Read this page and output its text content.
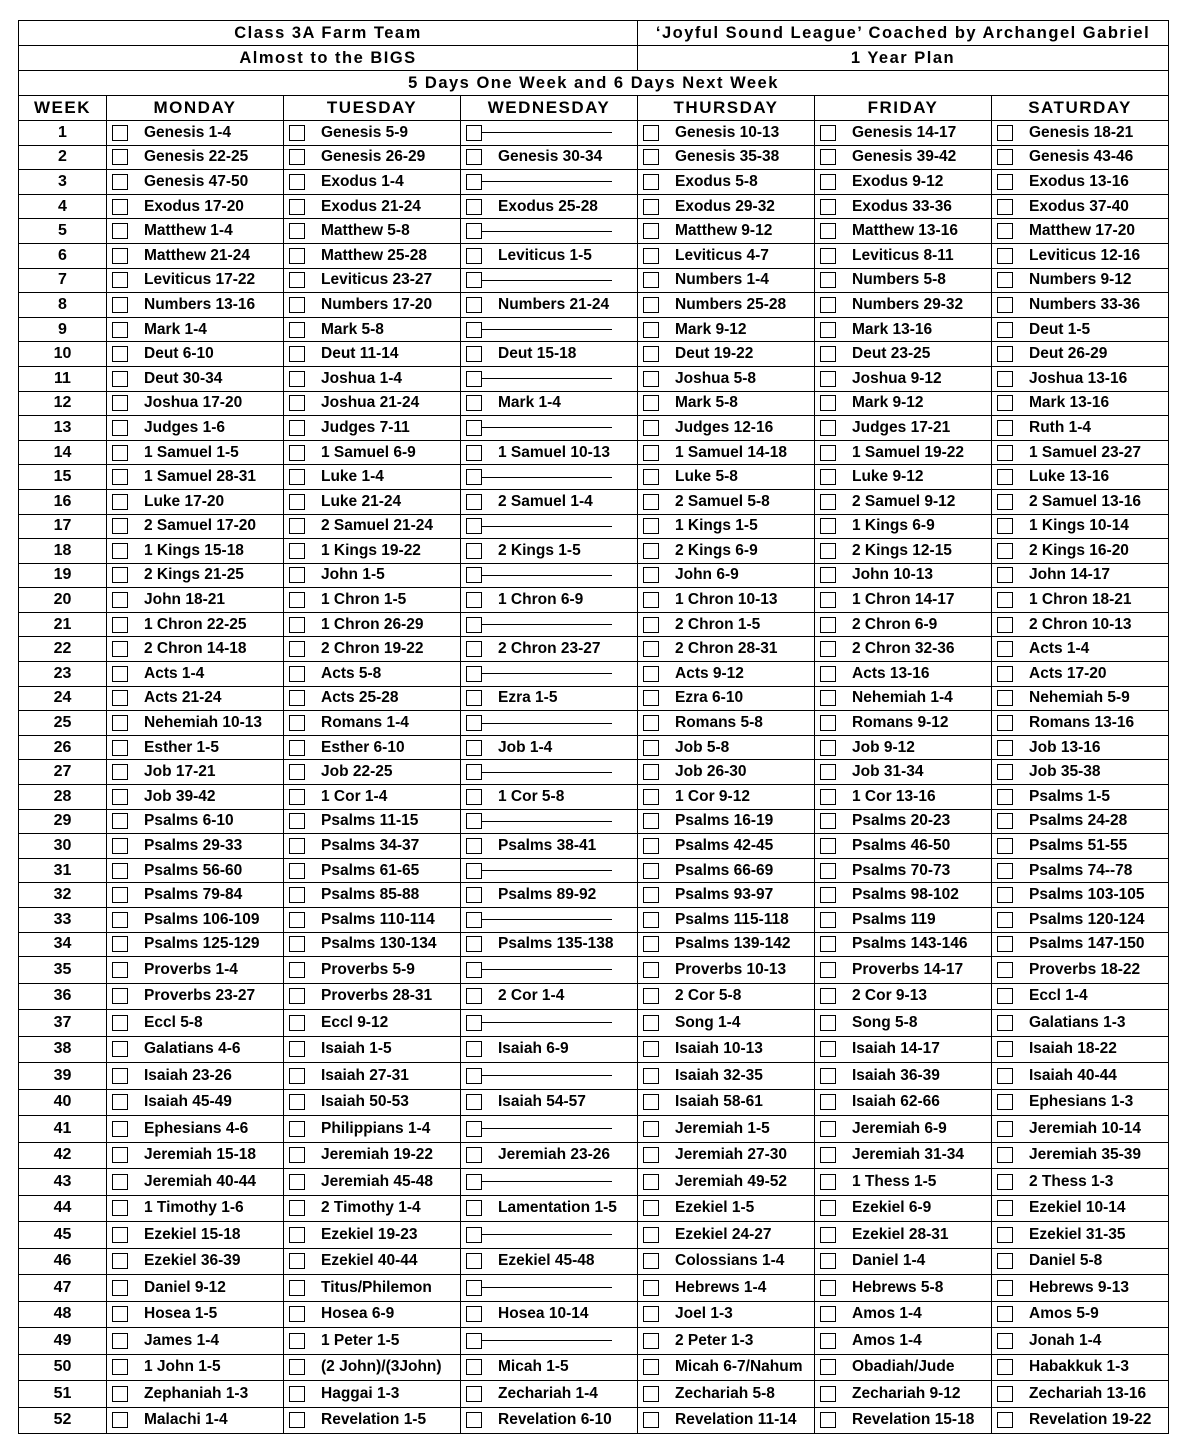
Class 3A Farm Team				‘Joyful Sound League’ Coached by Archangel Gabriel		
Almost to the BIGS				1 Year Plan		
5 Days One Week and 6 Days Next Week						
WEEK	MONDAY	TUESDAY	WEDNESDAY	THURSDAY	FRIDAY	SATURDAY
1	Genesis 1-4	Genesis 5-9		Genesis 10-13	Genesis 14-17	Genesis 18-21

2	Genesis 22-25	Genesis 26-29	Genesis 30-34	Genesis 35-38	Genesis 39-42	Genesis 43-46

3	Genesis 47-50	Exodus 1-4		Exodus 5-8	Exodus 9-12	Exodus 13-16

4	Exodus 17-20	Exodus 21-24	Exodus 25-28	Exodus 29-32	Exodus 33-36	Exodus 37-40

5	Matthew 1-4	Matthew 5-8		Matthew 9-12	Matthew 13-16	Matthew 17-20

6	Matthew 21-24	Matthew 25-28	Leviticus 1-5	Leviticus 4-7	Leviticus 8-11	Leviticus 12-16

7	Leviticus 17-22	Leviticus 23-27		Numbers 1-4	Numbers 5-8	Numbers 9-12

8	Numbers 13-16	Numbers 17-20	Numbers 21-24	Numbers 25-28	Numbers 29-32	Numbers 33-36

9	Mark 1-4	Mark 5-8		Mark 9-12	Mark 13-16	Deut 1-5

10	Deut 6-10	Deut 11-14	Deut 15-18	Deut 19-22	Deut 23-25	Deut 26-29

11	Deut 30-34	Joshua 1-4		Joshua 5-8	Joshua 9-12	Joshua 13-16

12	Joshua 17-20	Joshua 21-24	Mark 1-4	Mark 5-8	Mark 9-12	Mark 13-16

13	Judges 1-6	Judges 7-11		Judges 12-16	Judges 17-21	Ruth 1-4

14	1 Samuel 1-5	1 Samuel 6-9	1 Samuel 10-13	1 Samuel 14-18	1 Samuel 19-22	1 Samuel 23-27

15	1 Samuel 28-31	Luke 1-4		Luke 5-8	Luke 9-12	Luke 13-16

16	Luke 17-20	Luke 21-24	2 Samuel 1-4	2 Samuel 5-8	2 Samuel 9-12	2 Samuel 13-16

17	2 Samuel 17-20	2 Samuel 21-24		1 Kings 1-5	1 Kings 6-9	1 Kings 10-14

18	1 Kings 15-18	1 Kings 19-22	2 Kings 1-5	2 Kings 6-9	2 Kings 12-15	2 Kings 16-20

19	2 Kings 21-25	John 1-5		John 6-9	John 10-13	John 14-17

20	John 18-21	1 Chron 1-5	1 Chron 6-9	1 Chron 10-13	1 Chron 14-17	1 Chron 18-21

21	1 Chron 22-25	1 Chron 26-29		2 Chron 1-5	2 Chron 6-9	2 Chron 10-13

22	2 Chron 14-18	2 Chron 19-22	2 Chron 23-27	2 Chron 28-31	2 Chron 32-36	Acts 1-4

23	Acts 1-4	Acts 5-8		Acts 9-12	Acts 13-16	Acts 17-20

24	Acts 21-24	Acts 25-28	Ezra 1-5	Ezra 6-10	Nehemiah 1-4	Nehemiah 5-9

25	Nehemiah 10-13	Romans 1-4		Romans 5-8	Romans 9-12	Romans 13-16

26	Esther 1-5	Esther 6-10	Job 1-4	Job 5-8	Job 9-12	Job 13-16

27	Job 17-21	Job 22-25		Job 26-30	Job 31-34	Job 35-38

28	Job 39-42	1 Cor 1-4	1 Cor 5-8	1 Cor 9-12	1 Cor 13-16	Psalms 1-5

29	Psalms 6-10	Psalms 11-15		Psalms 16-19	Psalms 20-23	Psalms 24-28

30	Psalms 29-33	Psalms 34-37	Psalms 38-41	Psalms 42-45	Psalms 46-50	Psalms 51-55

31	Psalms 56-60	Psalms 61-65		Psalms 66-69	Psalms 70-73	Psalms 74--78

32	Psalms 79-84	Psalms 85-88	Psalms 89-92	Psalms 93-97	Psalms 98-102	Psalms 103-105

33	Psalms 106-109	Psalms 110-114		Psalms 115-118	Psalms 119	Psalms 120-124

34	Psalms 125-129	Psalms 130-134	Psalms 135-138	Psalms 139-142	Psalms 143-146	Psalms 147-150

35	Proverbs 1-4	Proverbs 5-9		Proverbs 10-13	Proverbs 14-17	Proverbs 18-22

36	Proverbs 23-27	Proverbs 28-31	2 Cor 1-4	2 Cor 5-8	2 Cor 9-13	Eccl 1-4

37	Eccl 5-8	Eccl 9-12		Song 1-4	Song 5-8	Galatians 1-3

38	Galatians 4-6	Isaiah 1-5	Isaiah 6-9	Isaiah 10-13	Isaiah 14-17	Isaiah 18-22

39	Isaiah 23-26	Isaiah 27-31		Isaiah 32-35	Isaiah 36-39	Isaiah 40-44

40	Isaiah 45-49	Isaiah 50-53	Isaiah 54-57	Isaiah 58-61	Isaiah 62-66	Ephesians 1-3

41	Ephesians 4-6	Philippians 1-4		Jeremiah 1-5	Jeremiah 6-9	Jeremiah 10-14

42	Jeremiah 15-18	Jeremiah 19-22	Jeremiah 23-26	Jeremiah 27-30	Jeremiah 31-34	Jeremiah 35-39

43	Jeremiah 40-44	Jeremiah 45-48		Jeremiah 49-52	1 Thess 1-5	2 Thess 1-3

44	1 Timothy 1-6	2 Timothy 1-4	Lamentation 1-5	Ezekiel 1-5	Ezekiel 6-9	Ezekiel 10-14

45	Ezekiel 15-18	Ezekiel 19-23		Ezekiel 24-27	Ezekiel 28-31	Ezekiel 31-35

46	Ezekiel 36-39	Ezekiel 40-44	Ezekiel 45-48	Colossians 1-4	Daniel 1-4	Daniel 5-8

47	Daniel 9-12	Titus/Philemon		Hebrews 1-4	Hebrews 5-8	Hebrews 9-13

48	Hosea 1-5	Hosea 6-9	Hosea 10-14	Joel 1-3	Amos 1-4	Amos 5-9

49	James 1-4	1 Peter 1-5		2 Peter 1-3	Amos 1-4	Jonah 1-4

50	1 John 1-5	(2 John)/(3John)	Micah 1-5	Micah 6-7/Nahum	Obadiah/Jude	Habakkuk 1-3

51	Zephaniah 1-3	Haggai 1-3	Zechariah 1-4	Zechariah 5-8	Zechariah 9-12	Zechariah 13-16

52	Malachi 1-4	Revelation 1-5	Revelation 6-10	Revelation 11-14	Revelation 15-18	Revelation 19-22
